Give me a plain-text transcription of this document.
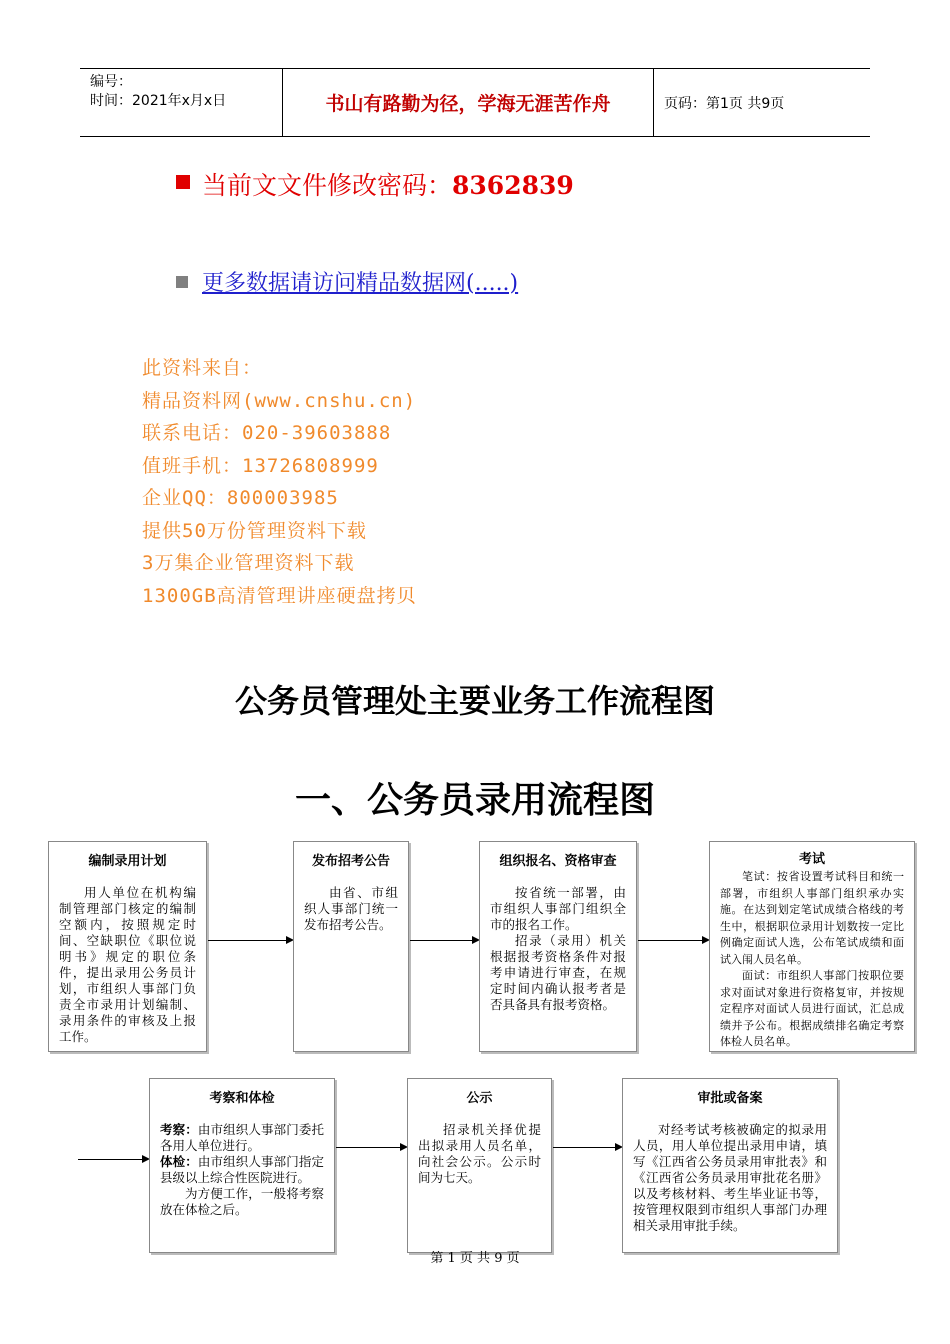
编号：
时间：2021年x月x日	书山有路勤为径，学海无涯苦作舟	页码：第1页 共9页
当前文文件修改密码：8362839
更多数据请访问精品数据网(.....)
此资料来自：
精品资料网(www.cnshu.cn)
联系电话：020-39603888
值班手机：13726808999
企业QQ：800003985
提供50万份管理资料下载
3万集企业管理资料下载
1300GB高清管理讲座硬盘拷贝
公务员管理处主要业务工作流程图
一、公务员录用流程图
编制录用计划

用人单位在机构编制管理部门核定的编制空额内，按照规定时间、空缺职位《职位说明书》规定的职位条件，提出录用公务员计划，市组织人事部门负责全市录用计划编制、录用条件的审核及上报工作。

发布招考公告

由省、市组织人事部门统一发布招考公告。

组织报名、资格审查

按省统一部署，由市组织人事部门组织全市的报名工作。

招录（录用）机关根据报考资格条件对报考申请进行审查，在规定时间内确认报考者是否具备具有报考资格。

考试

笔试：按省设置考试科目和统一部署，市组织人事部门组织承办实施。在达到划定笔试成绩合格线的考生中，根据职位录用计划数按一定比例确定面试人选，公布笔试成绩和面试入闱人员名单。

面试：市组织人事部门按职位要求对面试对象进行资格复审，并按规定程序对面试人员进行面试，汇总成绩并予公布。根据成绩排名确定考察体检人员名单。

考察和体检

考察：由市组织人事部门委托各用人单位进行。

体检：由市组织人事部门指定县级以上综合性医院进行。

为方便工作，一般将考察放在体检之后。

公示

招录机关择优提出拟录用人员名单，向社会公示。公示时间为七天。

审批或备案

对经考试考核被确定的拟录用人员，用人单位提出录用申请，填写《江西省公务员录用审批表》和《江西省公务员录用审批花名册》以及考核材料、考生毕业证书等，按管理权限到市组织人事部门办理相关录用审批手续。

第 1 页 共 9 页
